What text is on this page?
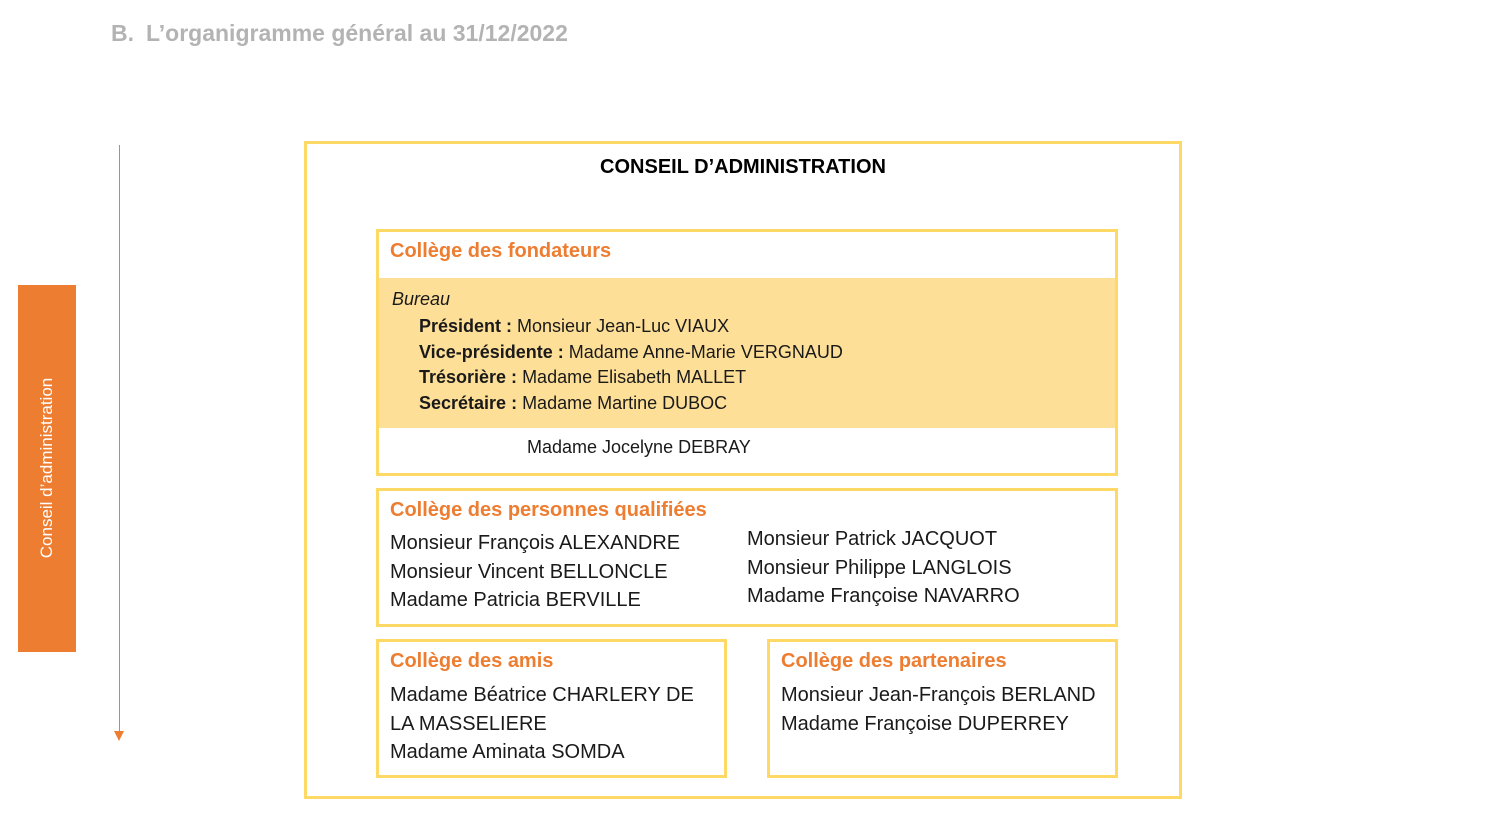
B. L’organigramme général au 31/12/2022
Conseil d’administration
CONSEIL D’ADMINISTRATION
Collège des fondateurs
Bureau
Président : Monsieur Jean-Luc VIAUX
Vice-présidente : Madame Anne-Marie VERGNAUD
Trésorière : Madame Elisabeth MALLET
Secrétaire : Madame Martine DUBOC
Madame Jocelyne DEBRAY
Collège des personnes qualifiées
Monsieur François ALEXANDRE
Monsieur Vincent BELLONCLE
Madame Patricia BERVILLE
Monsieur Patrick JACQUOT
Monsieur Philippe LANGLOIS
Madame Françoise NAVARRO
Collège des amis
Madame Béatrice CHARLERY DE LA MASSELIERE
Madame Aminata SOMDA
Collège des partenaires
Monsieur Jean-François BERLAND
Madame Françoise DUPERREY
